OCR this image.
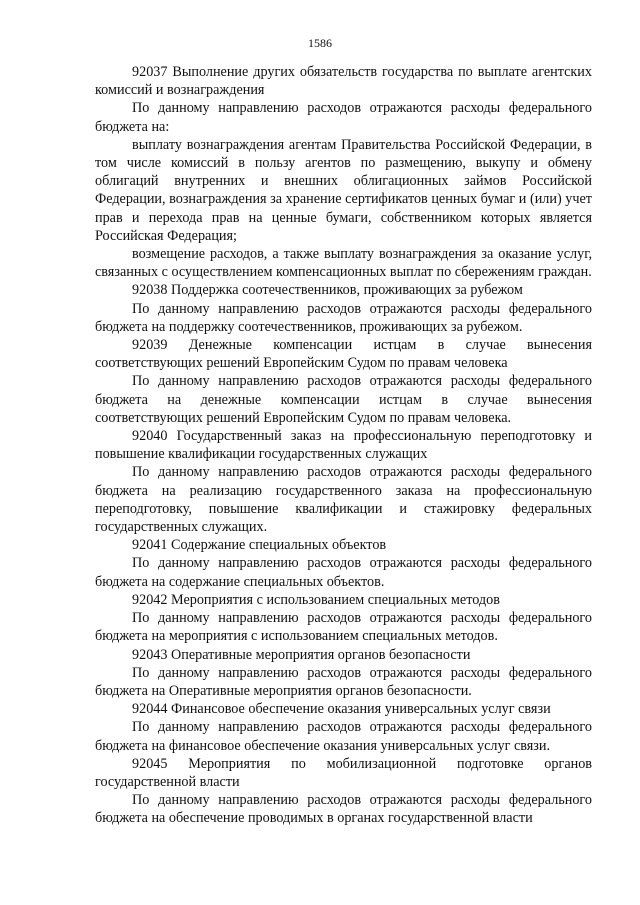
1586

92037 Выполнение других обязательств государства по выплате агентских комиссий и вознаграждения

По данному направлению расходов отражаются расходы федерального бюджета на:

выплату вознаграждения агентам Правительства Российской Федерации, в том числе комиссий в пользу агентов по размещению, выкупу и обмену облигаций внутренних и внешних облигационных займов Российской Федерации, вознаграждения за хранение сертификатов ценных бумаг и (или) учет прав и перехода прав на ценные бумаги, собственником которых является Российская Федерация;

возмещение расходов, а также выплату вознаграждения за оказание услуг, связанных с осуществлением компенсационных выплат по сбережениям граждан.

92038 Поддержка соотечественников, проживающих за рубежом

По данному направлению расходов отражаются расходы федерального бюджета на поддержку соотечественников, проживающих за рубежом.

92039 Денежные компенсации истцам в случае вынесения соответствующих решений Европейским Судом по правам человека

По данному направлению расходов отражаются расходы федерального бюджета на денежные компенсации истцам в случае вынесения соответствующих решений Европейским Судом по правам человека.

92040 Государственный заказ на профессиональную переподготовку и повышение квалификации государственных служащих

По данному направлению расходов отражаются расходы федерального бюджета на реализацию государственного заказа на профессиональную переподготовку, повышение квалификации и стажировку федеральных государственных служащих.

92041 Содержание специальных объектов

По данному направлению расходов отражаются расходы федерального бюджета на содержание специальных объектов.

92042 Мероприятия с использованием специальных методов

По данному направлению расходов отражаются расходы федерального бюджета на мероприятия с использованием специальных методов.

92043 Оперативные мероприятия органов безопасности

По данному направлению расходов отражаются расходы федерального бюджета на Оперативные мероприятия органов безопасности.

92044 Финансовое обеспечение оказания универсальных услуг связи

По данному направлению расходов отражаются расходы федерального бюджета на финансовое обеспечение оказания универсальных услуг связи.

92045 Мероприятия по мобилизационной подготовке органов государственной власти

По данному направлению расходов отражаются расходы федерального бюджета на обеспечение проводимых в органах государственной власти
